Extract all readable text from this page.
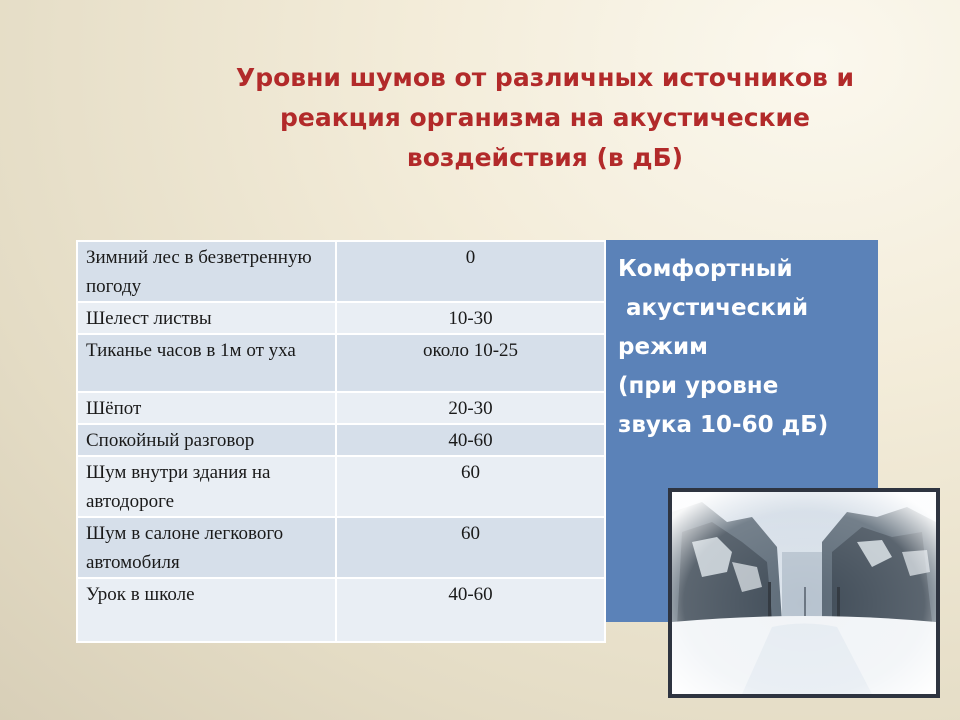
Уровни шумов от различных источников и
реакция организма на акустические
воздействия (в дБ)
Зимний лес в безветренную погоду	0
Шелест листвы	10-30
Тиканье часов в 1м от уха	около 10-25
Шёпот	20-30
Спокойный разговор	40-60
Шум внутри здания на автодороге	60
Шум в салоне легкового автомобиля	60
Урок в школе	40-60
Комфортный
акустический
режим
(при уровне
звука 10-60 дБ)
